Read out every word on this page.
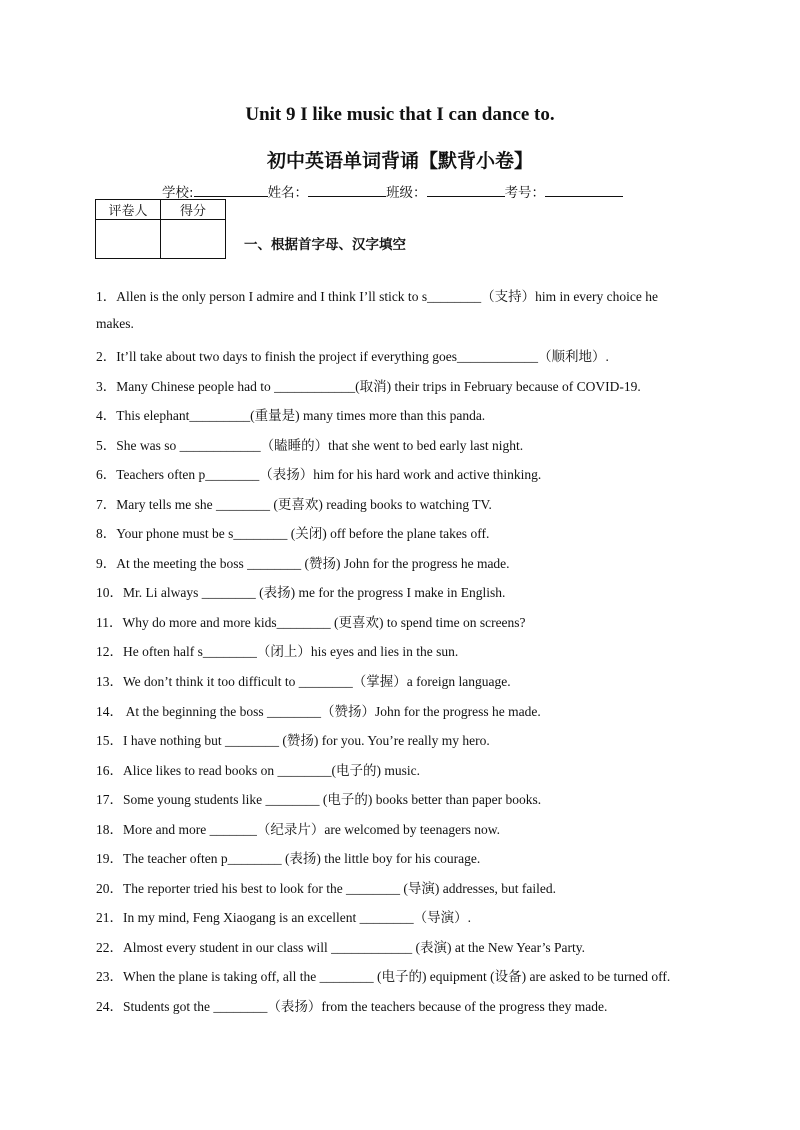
Unit 9 I like music that I can dance to.
初中英语单词背诵【默背小卷】
学校:	姓名：	班级：	考号：
评卷人	得分

一、根据首字母、汉字填空
1．Allen is the only person I admire and I think I’ll stick to s________（支持）him in every choice he
makes.
2．It’ll take about two days to finish the project if everything goes____________（顺利地）.
3．Many Chinese people had to ____________(取消) their trips in February because of COVID-19.
4．This elephant_________(重量是) many times more than this panda.
5．She was so ____________（瞌睡的）that she went to bed early last night.
6．Teachers often p________（表扬）him for his hard work and active thinking.
7．Mary tells me she ________ (更喜欢) reading books to watching TV.
8．Your phone must be s________ (关闭) off before the plane takes off.
9．At the meeting the boss ________ (赞扬) John for the progress he made.
10．Mr. Li always ________ (表扬) me for the progress I make in English.
11．Why do more and more kids________ (更喜欢) to spend time on screens?
12．He often half s________（闭上）his eyes and lies in the sun.
13．We don’t think it too difficult to ________（掌握）a foreign language.
14． At the beginning the boss ________（赞扬）John for the progress he made.
15．I have nothing but ________ (赞扬) for you. You’re really my hero.
16．Alice likes to read books on ________(电子的) music.
17．Some young students like ________ (电子的) books better than paper books.
18．More and more _______（纪录片）are welcomed by teenagers now.
19．The teacher often p________ (表扬) the little boy for his courage.
20．The reporter tried his best to look for the ________ (导演) addresses, but failed.
21．In my mind, Feng Xiaogang is an excellent ________（导演）.
22．Almost every student in our class will ____________ (表演) at the New Year’s Party.
23．When the plane is taking off, all the ________ (电子的) equipment (设备) are asked to be turned off.
24．Students got the ________（表扬）from the teachers because of the progress they made.
